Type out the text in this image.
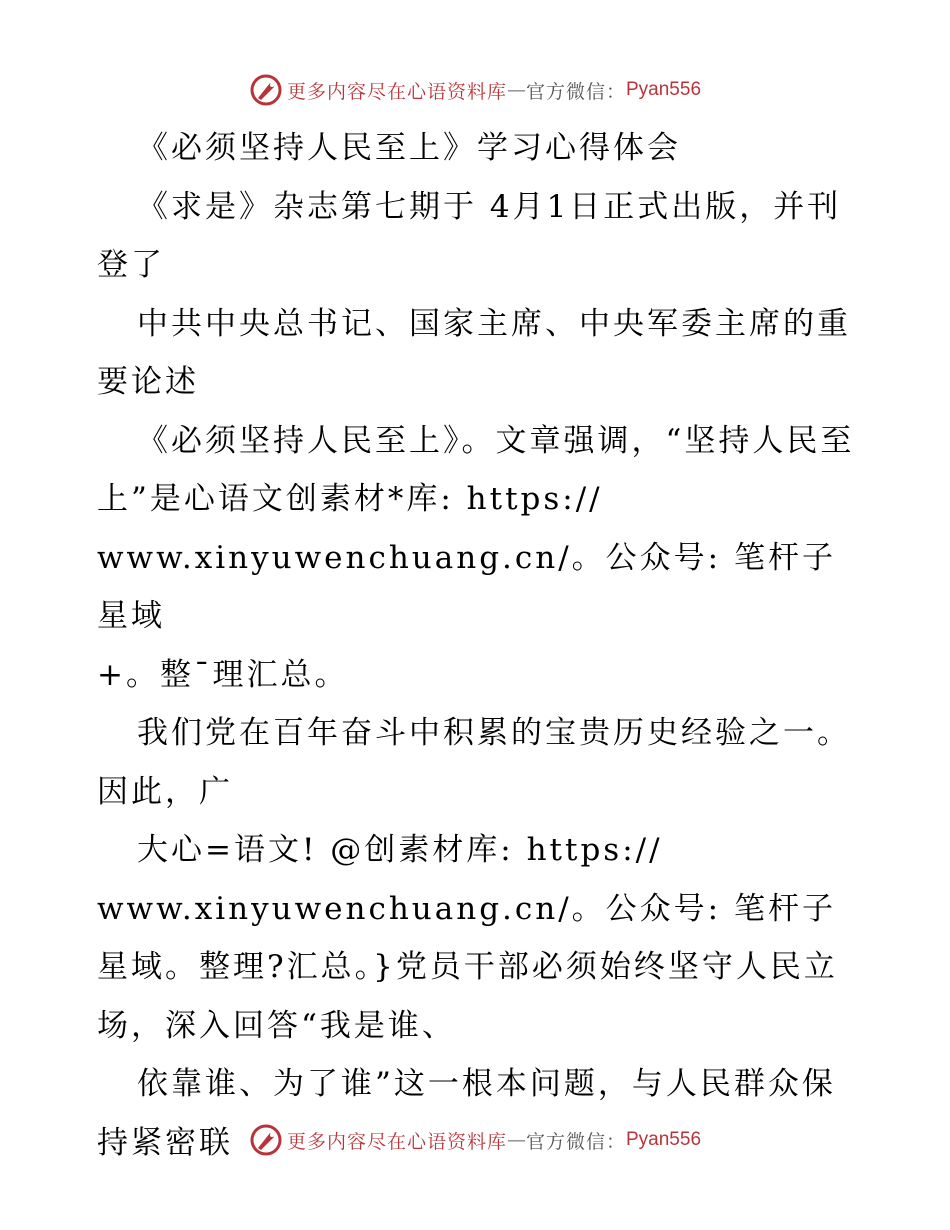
更多内容尽在心语资料库 — 官方微信： Pyan556

《必须坚持人民至上》学习心得体会

《求是》杂志第七期于 4月1日正式出版，并刊登了

中共中央总书记、国家主席、中央军委主席的重要论述

《必须坚持人民至上》。文章强调，“坚持人民至上”是心语文创素材*库: https://
www.xinyuwenchuang.cn/。公众号: 笔杆子星域
+。整¯理汇总。

我们党在百年奋斗中积累的宝贵历史经验之一。因此，广

大心=语文! @创素材库: https://
www.xinyuwenchuang.cn/。公众号: 笔杆子星域。整理?汇总。}党员干部必须始终坚守人民立场，深入回答“我是谁、

依靠谁、为了谁”这一根本问题，与人民群众保持紧密联	更多内容尽在心语资料库 — 官方微信： Pyan556
